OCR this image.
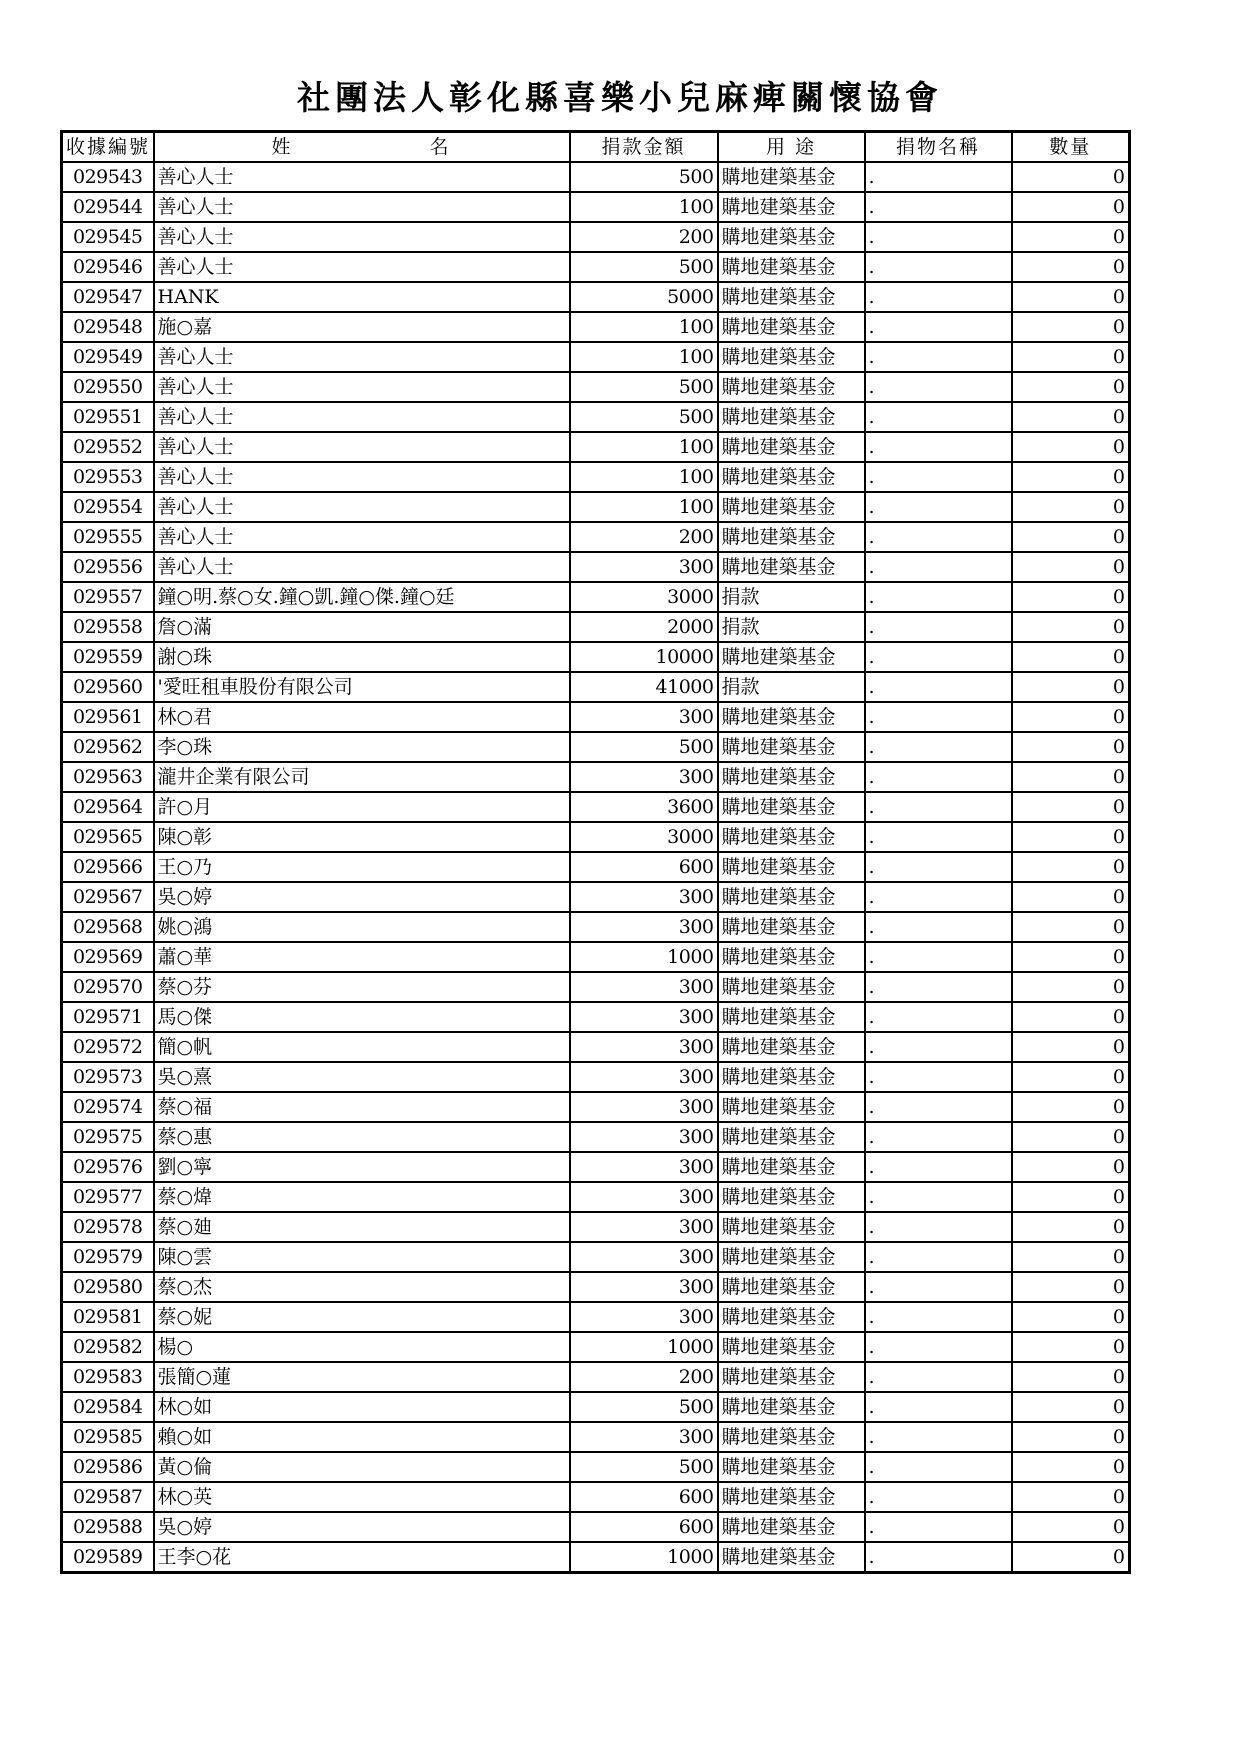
社團法人彰化縣喜樂小兒麻痺關懷協會
收據編號	姓　名	捐款金額	用 途	捐物名稱	數量
029543	善心人士	500	購地建築基金	.	0
029544	善心人士	100	購地建築基金	.	0
029545	善心人士	200	購地建築基金	.	0
029546	善心人士	500	購地建築基金	.	0
029547	HANK	5000	購地建築基金	.	0
029548	施○嘉	100	購地建築基金	.	0
029549	善心人士	100	購地建築基金	.	0
029550	善心人士	500	購地建築基金	.	0
029551	善心人士	500	購地建築基金	.	0
029552	善心人士	100	購地建築基金	.	0
029553	善心人士	100	購地建築基金	.	0
029554	善心人士	100	購地建築基金	.	0
029555	善心人士	200	購地建築基金	.	0
029556	善心人士	300	購地建築基金	.	0
029557	鐘○明.蔡○女.鐘○凱.鐘○傑.鐘○廷	3000	捐款	.	0
029558	詹○滿	2000	捐款	.	0
029559	謝○珠	10000	購地建築基金	.	0
029560	'愛旺租車股份有限公司	41000	捐款	.	0
029561	林○君	300	購地建築基金	.	0
029562	李○珠	500	購地建築基金	.	0
029563	瀧井企業有限公司	300	購地建築基金	.	0
029564	許○月	3600	購地建築基金	.	0
029565	陳○彰	3000	購地建築基金	.	0
029566	王○乃	600	購地建築基金	.	0
029567	吳○婷	300	購地建築基金	.	0
029568	姚○鴻	300	購地建築基金	.	0
029569	蕭○華	1000	購地建築基金	.	0
029570	蔡○芬	300	購地建築基金	.	0
029571	馬○傑	300	購地建築基金	.	0
029572	簡○帆	300	購地建築基金	.	0
029573	吳○熹	300	購地建築基金	.	0
029574	蔡○福	300	購地建築基金	.	0
029575	蔡○惠	300	購地建築基金	.	0
029576	劉○寧	300	購地建築基金	.	0
029577	蔡○煒	300	購地建築基金	.	0
029578	蔡○廸	300	購地建築基金	.	0
029579	陳○雲	300	購地建築基金	.	0
029580	蔡○杰	300	購地建築基金	.	0
029581	蔡○妮	300	購地建築基金	.	0
029582	楊○	1000	購地建築基金	.	0
029583	張簡○蓮	200	購地建築基金	.	0
029584	林○如	500	購地建築基金	.	0
029585	賴○如	300	購地建築基金	.	0
029586	黃○倫	500	購地建築基金	.	0
029587	林○英	600	購地建築基金	.	0
029588	吳○婷	600	購地建築基金	.	0
029589	王李○花	1000	購地建築基金	.	0
